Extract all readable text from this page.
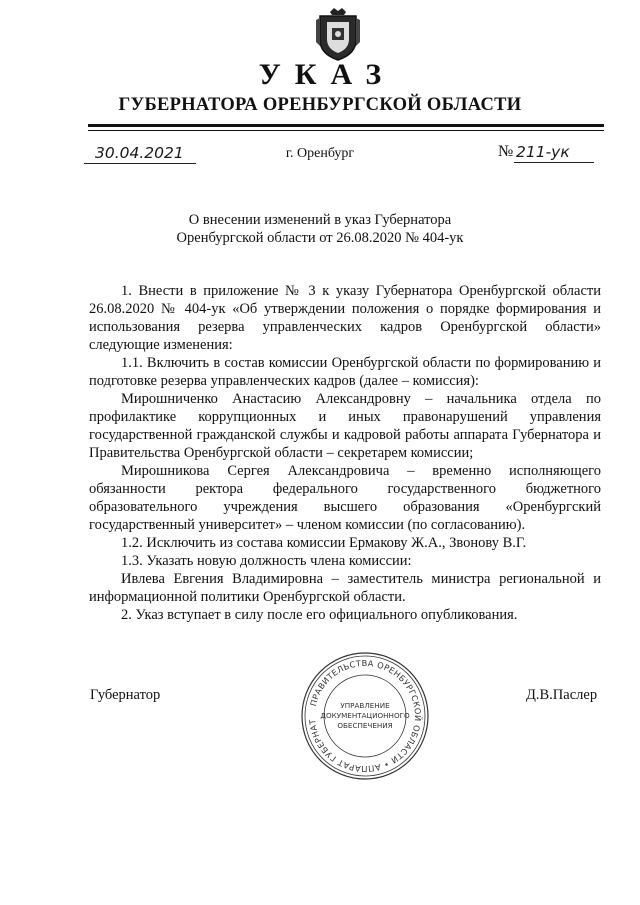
УКАЗ
ГУБЕРНАТОРА ОРЕНБУРГСКОЙ ОБЛАСТИ
30.04.2021	г. Оренбург	№ 211-ук
О внесении изменений в указ Губернатора
Оренбургской области от 26.08.2020 № 404-ук

1. Внести в приложение № 3 к указу Губернатора Оренбургской области 26.08.2020 № 404-ук «Об утверждении положения о порядке формирования и использования резерва управленческих кадров Оренбургской области» следующие изменения:

1.1. Включить в состав комиссии Оренбургской области по формированию и подготовке резерва управленческих кадров (далее – комиссия):

Мирошниченко Анастасию Александровну – начальника отдела по профилактике коррупционных и иных правонарушений управления государственной гражданской службы и кадровой работы аппарата Губернатора и Правительства Оренбургской области – секретарем комиссии;

Мирошникова Сергея Александровича – временно исполняющего обязанности ректора федерального государственного бюджетного образовательного учреждения высшего образования «Оренбургский государственный университет» – членом комиссии (по согласованию).

1.2. Исключить из состава комиссии Ермакову Ж.А., Звонову В.Г.

1.3. Указать новую должность члена комиссии:

Ивлева Евгения Владимировна – заместитель министра региональной и информационной политики Оренбургской области.

2. Указ вступает в силу после его официального опубликования.

Губернатор	Д.В.Паслер
ПРАВИТЕЛЬСТВА ОРЕНБУРГСКОЙ ОБЛАСТИ • АППАРАТ ГУБЕРНАТ
УПРАВЛЕНИЕ
ДОКУМЕНТАЦИОННОГО
ОБЕСПЕЧЕНИЯ
